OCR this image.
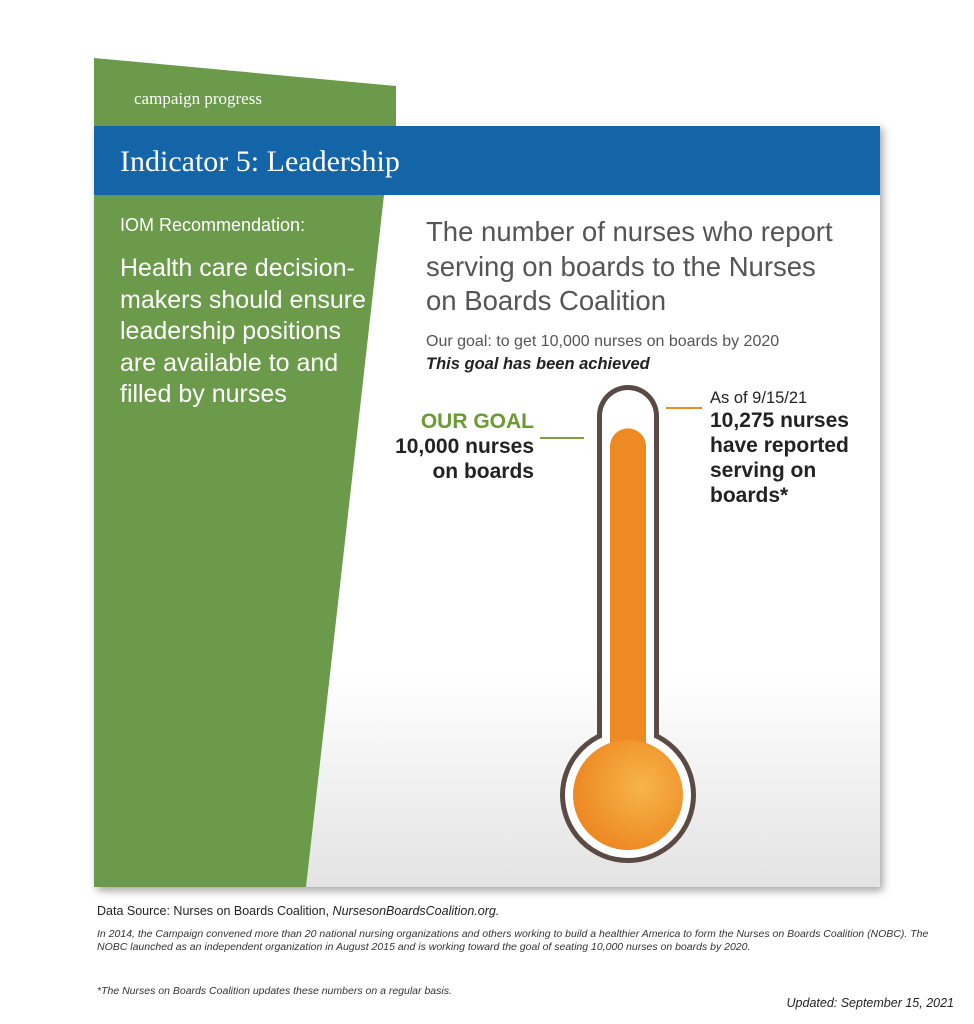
campaign progress
Indicator 5: Leadership
IOM Recommendation:
Health care decision-makers should ensure leadership positions are available to and filled by nurses
The number of nurses who report serving on boards to the Nurses on Boards Coalition
Our goal: to get 10,000 nurses on boards by 2020
This goal has been achieved
OUR GOAL
10,000 nurses
on boards
As of 9/15/21
10,275 nurses
have reported
serving on
boards*
Data Source: Nurses on Boards Coalition, NursesonBoardsCoalition.org.
In 2014, the Campaign convened more than 20 national nursing organizations and others working to build a healthier America to form the Nurses on Boards Coalition (NOBC). The NOBC launched as an independent organization in August 2015 and is working toward the goal of seating 10,000 nurses on boards by 2020.
*The Nurses on Boards Coalition updates these numbers on a regular basis.
Updated: September 15, 2021
